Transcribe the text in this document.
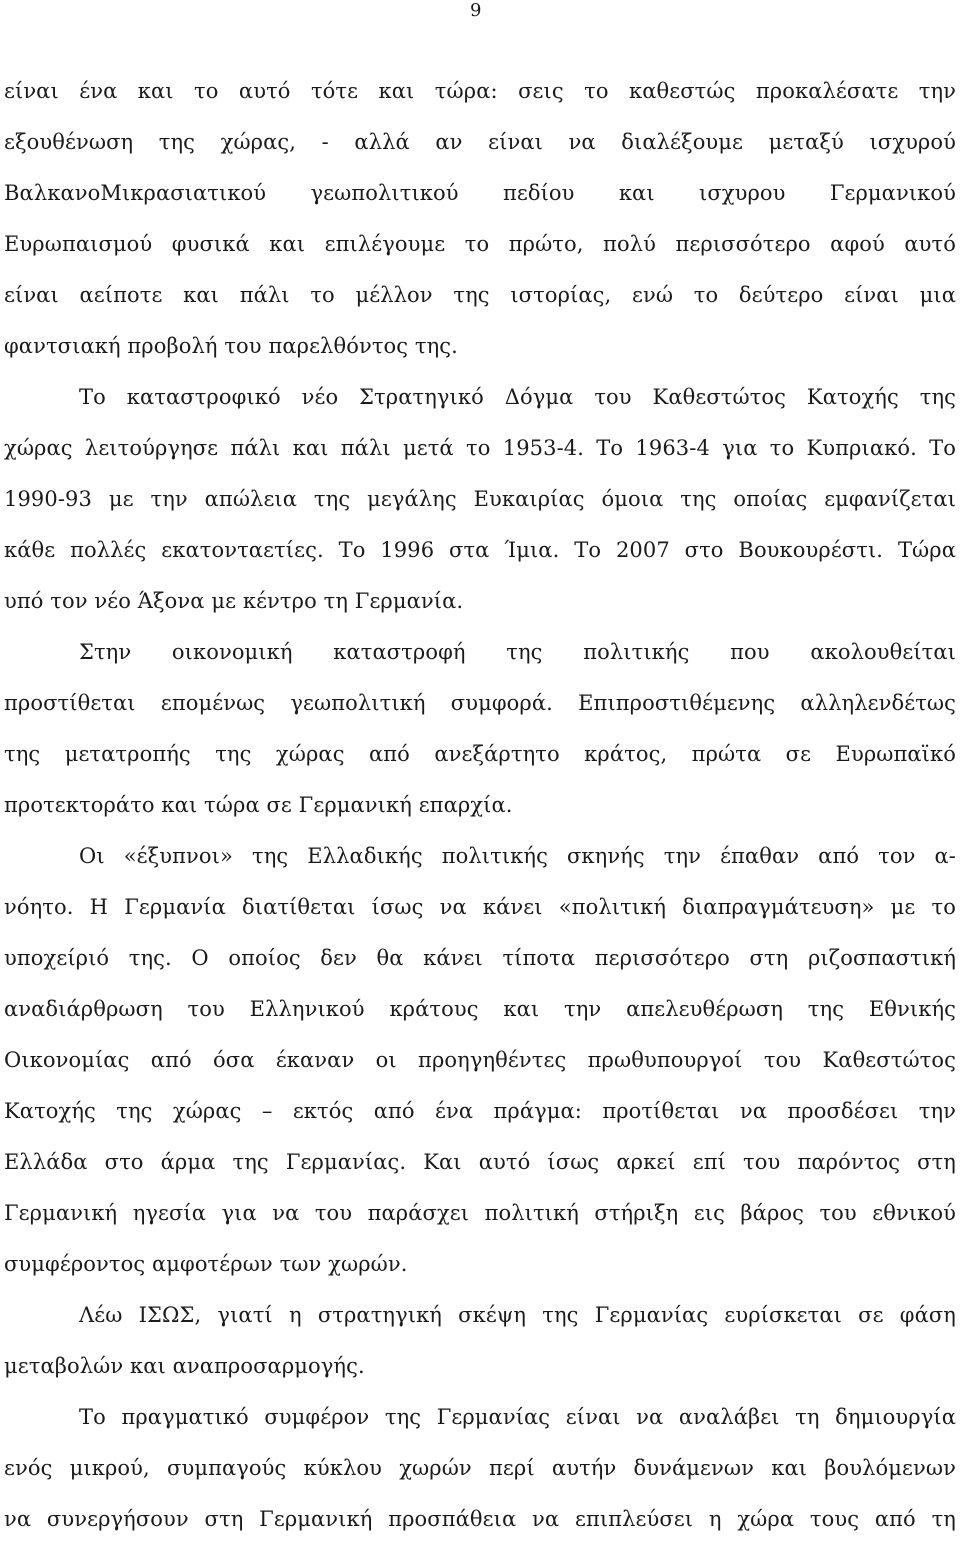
9
είναι ένα και το αυτό τότε και τώρα: σεις το καθεστώς προκαλέσατε την
εξουθένωση της χώρας, - αλλά αν είναι να διαλέξουμε μεταξύ ισχυρού
ΒαλκανοΜικρασιατικού γεωπολιτικού πεδίου και ισχυρου Γερμανικού
Ευρωπαισμού φυσικά και επιλέγουμε το πρώτο, πολύ περισσότερο αφού αυτό
είναι αείποτε και πάλι το μέλλον της ιστορίας, ενώ το δεύτερο είναι μια
φαντσιακή προβολή του παρελθόντος της.
Το καταστροφικό νέο Στρατηγικό Δόγμα του Καθεστώτος Κατοχής της
χώρας λειτούργησε πάλι και πάλι μετά το 1953-4. Το 1963-4 για το Κυπριακό. Το
1990-93 με την απώλεια της μεγάλης Ευκαιρίας όμοια της οποίας εμφανίζεται
κάθε πολλές εκατονταετίες. Το 1996 στα Ίμια. Το 2007 στο Βουκουρέστι. Τώρα
υπό τον νέο Άξονα με κέντρο τη Γερμανία.
Στην οικονομική καταστροφή της πολιτικής που ακολουθείται
προστίθεται επομένως γεωπολιτική συμφορά. Επιπροστιθέμενης αλληλενδέτως
της μετατροπής της χώρας από ανεξάρτητο κράτος, πρώτα σε Ευρωπαϊκό
προτεκτοράτο και τώρα σε Γερμανική επαρχία.
Οι «έξυπνοι» της Ελλαδικής πολιτικής σκηνής την έπαθαν από τον α-
νόητο. Η Γερμανία διατίθεται ίσως να κάνει «πολιτική διαπραγμάτευση» με το
υποχείριό της. Ο οποίος δεν θα κάνει τίποτα περισσότερο στη ριζοσπαστική
αναδιάρθρωση του Ελληνικού κράτους και την απελευθέρωση της Εθνικής
Οικονομίας από όσα έκαναν οι προηγηθέντες πρωθυπουργοί του Καθεστώτος
Κατοχής της χώρας – εκτός από ένα πράγμα: προτίθεται να προσδέσει την
Ελλάδα στο άρμα της Γερμανίας. Και αυτό ίσως αρκεί επί του παρόντος στη
Γερμανική ηγεσία για να του παράσχει πολιτική στήριξη εις βάρος του εθνικού
συμφέροντος αμφοτέρων των χωρών.
Λέω ΙΣΩΣ, γιατί η στρατηγική σκέψη της Γερμανίας ευρίσκεται σε φάση
μεταβολών και αναπροσαρμογής.
Το πραγματικό συμφέρον της Γερμανίας είναι να αναλάβει τη δημιουργία
ενός μικρού, συμπαγούς κύκλου χωρών περί αυτήν δυνάμενων και βουλόμενων
να συνεργήσουν στη Γερμανική προσπάθεια να επιπλεύσει η χώρα τους από τη
